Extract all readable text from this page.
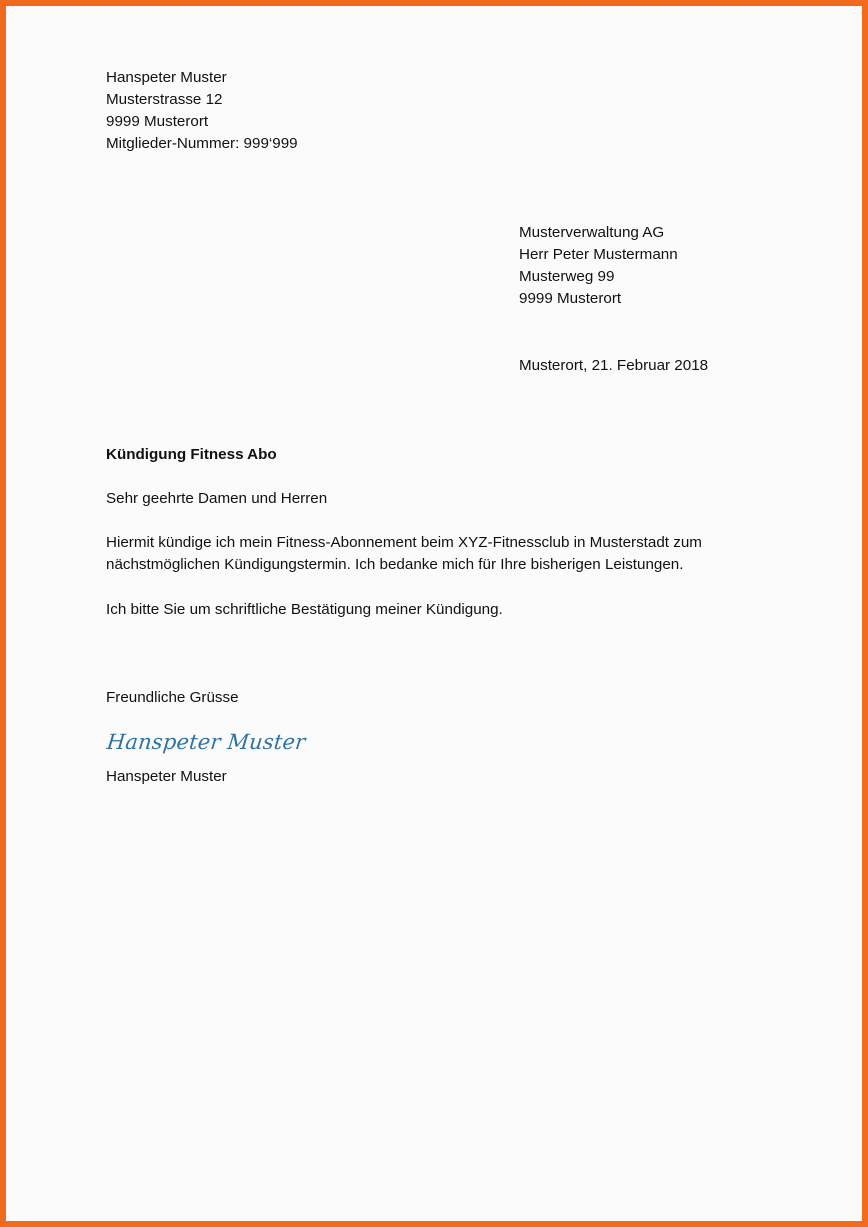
Hanspeter Muster
Musterstrasse 12
9999 Musterort
Mitglieder-Nummer: 999‘999
Musterverwaltung AG
Herr Peter Mustermann
Musterweg 99
9999 Musterort
Musterort, 21. Februar 2018
Kündigung Fitness Abo
Sehr geehrte Damen und Herren
Hiermit kündige ich mein Fitness-Abonnement beim XYZ-Fitnessclub in Musterstadt zum
nächstmöglichen Kündigungstermin. Ich bedanke mich für Ihre bisherigen Leistungen.
Ich bitte Sie um schriftliche Bestätigung meiner Kündigung.
Freundliche Grüsse
Hanspeter Muster
Hanspeter Muster
